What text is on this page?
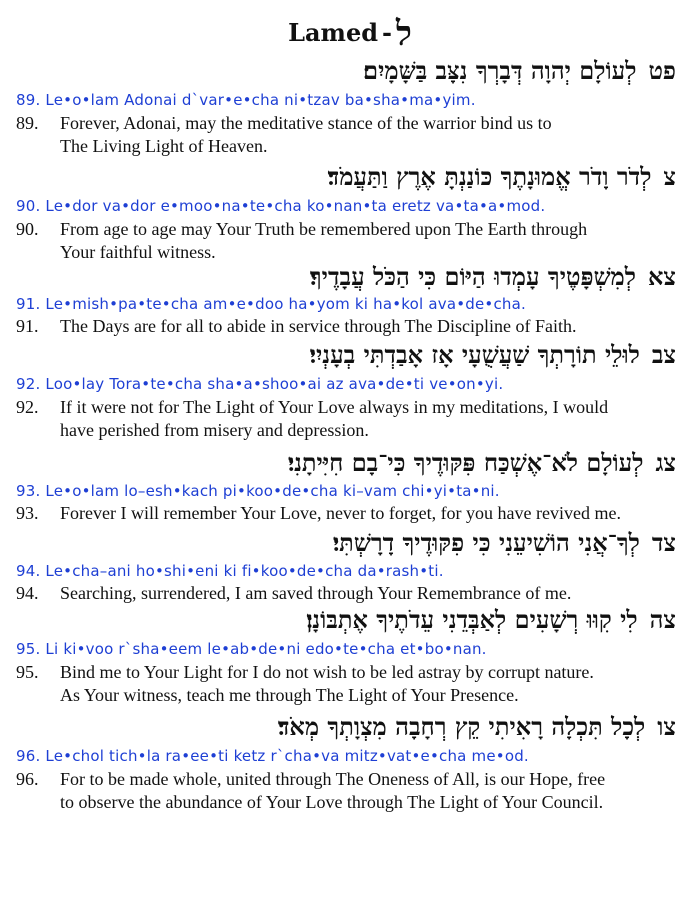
Lamed - ל
פטלְעוֹלָם יְהוָה דְּבָרְךָ נִצָּב בַּשָּׁמָיִם׃
89. Le•o•lam Adonai d`var•e•cha ni•tzav ba•sha•ma•yim.
89. Forever, Adonai, may the meditative stance of the warrior bind us to
The Living Light of Heaven.
צלְדֹר וָדֹר אֱמוּנָתֶךָ כּוֹנַנְתָּ אֶרֶץ וַתַּעֲמֹד׃
90. Le•dor va•dor e•moo•na•te•cha ko•nan•ta eretz va•ta•a•mod.
90. From age to age may Your Truth be remembered upon The Earth through
Your faithful witness.
צאלְמִשְׁפָּטֶיךָ עָמְדוּ הַיּוֹם כִּי הַכֹּל עֲבָדֶיךָ׃
91. Le•mish•pa•te•cha am•e•doo ha•yom ki ha•kol ava•de•cha.
91. The Days are for all to abide in service through The Discipline of Faith.
צבלוּלֵי תוֹרָתְךָ שַׁעֲשֻׁעָי אָז אָבַדְתִּי בְעָנְיִי׃
92. Loo•lay Tora•te•cha sha•a•shoo•ai az ava•de•ti ve•on•yi.
92. If it were not for The Light of Your Love always in my meditations, I would
have perished from misery and depression.
צגלְעוֹלָם לֹא־אֶשְׁכַּח פִּקּוּדֶיךָ כִּי־בָם חִיִּיתָנִי׃
93. Le•o•lam lo–esh•kach pi•koo•de•cha ki–vam chi•yi•ta•ni.
93. Forever I will remember Your Love, never to forget, for you have revived me.
צדלְךָ־אֲנִי הוֹשִׁיעֵנִי כִּי פִקּוּדֶיךָ דָרָשְׁתִּי׃
94. Le•cha–ani ho•shi•eni ki fi•koo•de•cha da•rash•ti.
94. Searching, surrendered, I am saved through Your Remembrance of me.
צהלִי קִוּוּ רְשָׁעִים לְאַבְּדֵנִי עֵדֹתֶיךָ אֶתְבּוֹנָן׃
95. Li ki•voo r`sha•eem le•ab•de•ni edo•te•cha et•bo•nan.
95. Bind me to Your Light for I do not wish to be led astray by corrupt nature.
As Your witness, teach me through The Light of Your Presence.
צולְכָל תִּכְלָה רָאִיתִי קֵץ רְחָבָה מִצְוָתְךָ מְאֹד׃
96. Le•chol tich•la ra•ee•ti ketz r`cha•va mitz•vat•e•cha me•od.
96. For to be made whole, united through The Oneness of All, is our Hope, free
to observe the abundance of Your Love through The Light of Your Council.
